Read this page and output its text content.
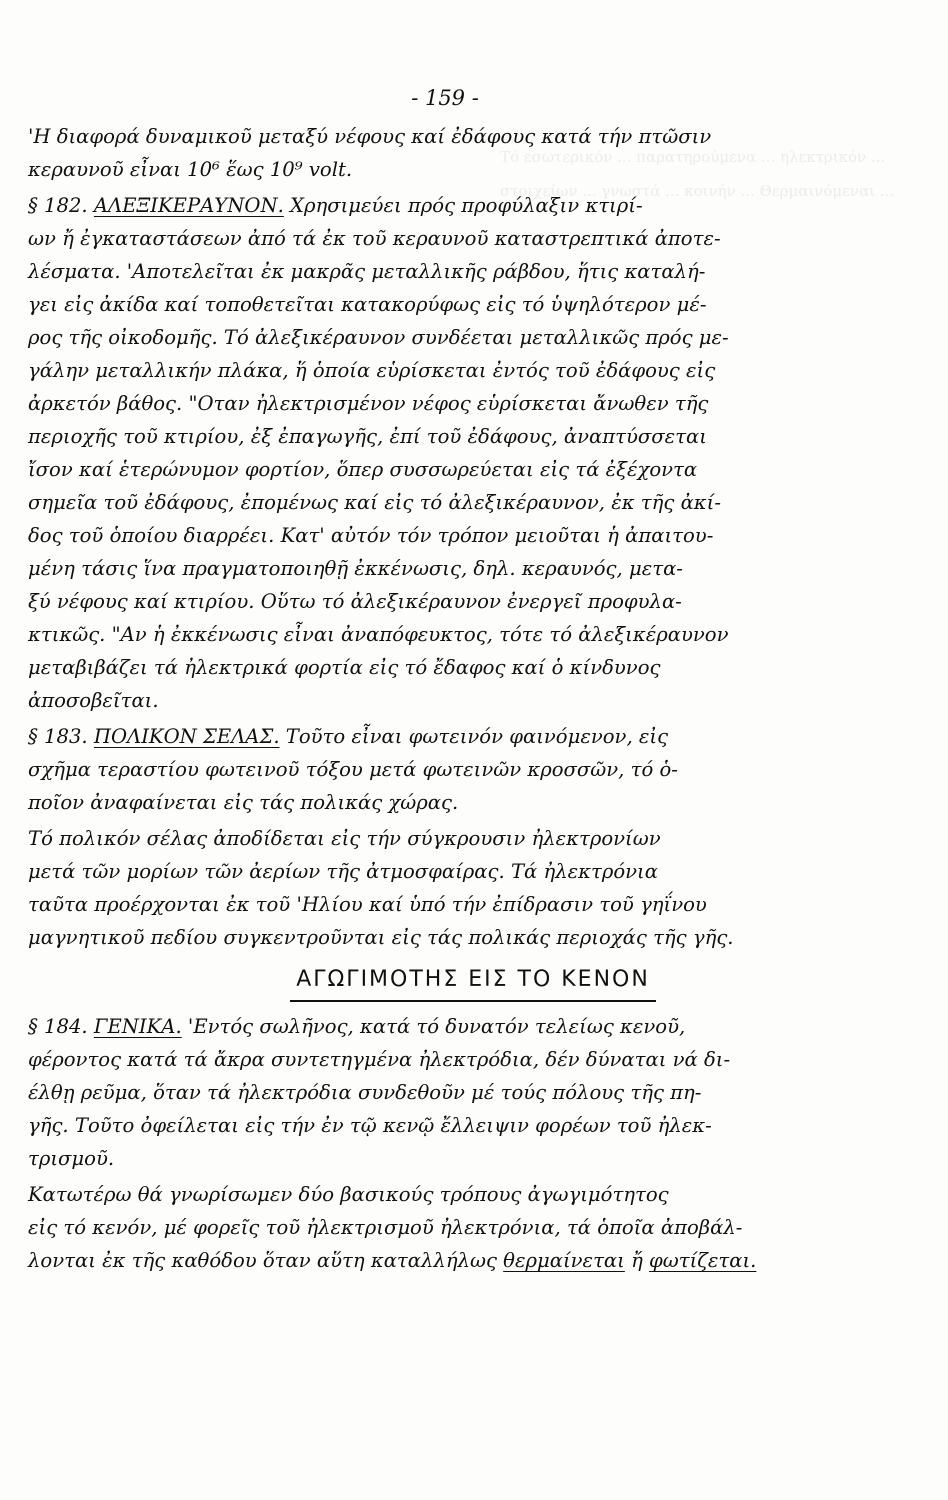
Τό εσωτερικόν ... παρατηρούμενα ... ηλεκτρικόν ... στοιχείων ... γνωστά ... κοινήν ... Θερμαινόμεναι ...
- 159 -
'Η διαφορά δυναμικοῦ μεταξύ νέφους καί ἐδάφους κατά τήν πτῶσιν
κεραυνοῦ εἶναι 10⁶ ἕως 10⁹ volt.
§ 182. ΑΛΕΞΙΚΕΡΑΥΝΟΝ. Χρησιμεύει πρός προφύλαξιν κτιρί-
ων ἤ ἐγκαταστάσεων ἀπό τά ἐκ τοῦ κεραυνοῦ καταστρεπτικά ἀποτε-
λέσματα. 'Αποτελεῖται ἐκ μακρᾶς μεταλλικῆς ράβδου, ἥτις καταλή-
γει εἰς ἀκίδα καί τοποθετεῖται κατακορύφως εἰς τό ὑψηλότερον μέ-
ρος τῆς οἰκοδομῆς. Τό ἀλεξικέραυνον συνδέεται μεταλλικῶς πρός με-
γάλην μεταλλικήν πλάκα, ἥ ὁποία εὑρίσκεται ἐντός τοῦ ἐδάφους εἰς
ἀρκετόν βάθος. "Οταν ἠλεκτρισμένον νέφος εὑρίσκεται ἄνωθεν τῆς
περιοχῆς τοῦ κτιρίου, ἐξ ἐπαγωγῆς, ἐπί τοῦ ἐδάφους, ἀναπτύσσεται
ἴσον καί ἑτερώνυμον φορτίον, ὅπερ συσσωρεύεται εἰς τά ἐξέχοντα
σημεῖα τοῦ ἐδάφους, ἐπομένως καί εἰς τό ἀλεξικέραυνον, ἐκ τῆς ἀκί-
δος τοῦ ὁποίου διαρρέει. Κατ' αὐτόν τόν τρόπον μειοῦται ἡ ἀπαιτου-
μένη τάσις ἵνα πραγματοποιηθῇ ἐκκένωσις, δηλ. κεραυνός, μετα-
ξύ νέφους καί κτιρίου. Οὕτω τό ἀλεξικέραυνον ἐνεργεῖ προφυλα-
κτικῶς. "Αν ἡ ἐκκένωσις εἶναι ἀναπόφευκτος, τότε τό ἀλεξικέραυνον
μεταβιβάζει τά ἠλεκτρικά φορτία εἰς τό ἔδαφος καί ὁ κίνδυνος
ἀποσοβεῖται.
§ 183. ΠΟΛΙΚΟΝ ΣΕΛΑΣ. Τοῦτο εἶναι φωτεινόν φαινόμενον, εἰς
σχῆμα τεραστίου φωτεινοῦ τόξου μετά φωτεινῶν κροσσῶν, τό ὁ-
ποῖον ἀναφαίνεται εἰς τάς πολικάς χώρας.
Τό πολικόν σέλας ἀποδίδεται εἰς τήν σύγκρουσιν ἠλεκτρονίων
μετά τῶν μορίων τῶν ἀερίων τῆς ἀτμοσφαίρας. Τά ἠλεκτρόνια
ταῦτα προέρχονται ἐκ τοῦ 'Ηλίου καί ὑπό τήν ἐπίδρασιν τοῦ γηΐνου
μαγνητικοῦ πεδίου συγκεντροῦνται εἰς τάς πολικάς περιοχάς τῆς γῆς.
ΑΓΩΓΙΜΟΤΗΣ ΕΙΣ ΤΟ ΚΕΝΟΝ
§ 184. ΓΕΝΙΚΑ. 'Εντός σωλῆνος, κατά τό δυνατόν τελείως κενοῦ,
φέροντος κατά τά ἄκρα συντετηγμένα ἠλεκτρόδια, δέν δύναται νά δι-
έλθῃ ρεῦμα, ὅταν τά ἠλεκτρόδια συνδεθοῦν μέ τούς πόλους τῆς πη-
γῆς. Τοῦτο ὀφείλεται εἰς τήν ἐν τῷ κενῷ ἔλλειψιν φορέων τοῦ ἠλεκ-
τρισμοῦ.
Κατωτέρω θά γνωρίσωμεν δύο βασικούς τρόπους ἀγωγιμότητος
εἰς τό κενόν, μέ φορεῖς τοῦ ἠλεκτρισμοῦ ἠλεκτρόνια, τά ὁποῖα ἀποβάλ-
λονται ἐκ τῆς καθόδου ὅταν αὕτη καταλλήλως θερμαίνεται ἤ φωτίζεται.
